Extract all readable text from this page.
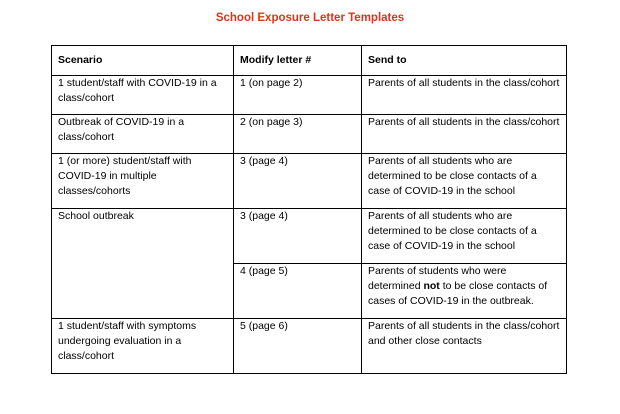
School Exposure Letter Templates
Scenario	Modify letter #	Send to
1 student/staff with COVID-19 in a class/cohort	1 (on page 2)	Parents of all students in the class/cohort
Outbreak of COVID-19 in a class/cohort	2 (on page 3)	Parents of all students in the class/cohort
1 (or more) student/staff with COVID-19 in multiple classes/cohorts	3 (page 4)	Parents of all students who are determined to be close contacts of a case of COVID-19 in the school
School outbreak	3 (page 4)	Parents of all students who are determined to be close contacts of a case of COVID-19 in the school
	4 (page 5)	Parents of students who were determined not to be close contacts of cases of COVID-19 in the outbreak.
1 student/staff with symptoms undergoing evaluation in a class/cohort	5 (page 6)	Parents of all students in the class/cohort and other close contacts
